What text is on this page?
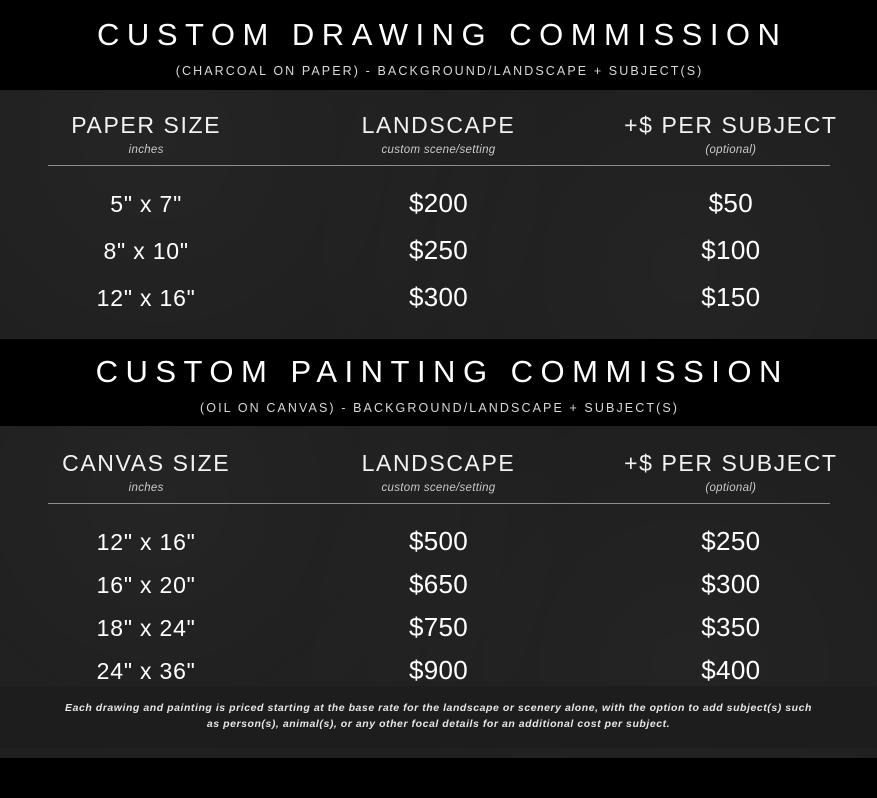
CUSTOM DRAWING COMMISSION
(CHARCOAL ON PAPER) - BACKGROUND/LANDSCAPE + SUBJECT(S)
PAPER SIZE
inches
LANDSCAPE
custom scene/setting
+$ PER SUBJECT
(optional)
5" x 7"	$200	$50
8" x 10"	$250	$100
12" x 16"	$300	$150
CUSTOM PAINTING COMMISSION
(OIL ON CANVAS) - BACKGROUND/LANDSCAPE + SUBJECT(S)
CANVAS SIZE
inches
LANDSCAPE
custom scene/setting
+$ PER SUBJECT
(optional)
12" x 16"	$500	$250
16" x 20"	$650	$300
18" x 24"	$750	$350
24" x 36"	$900	$400
Each drawing and painting is priced starting at the base rate for the landscape or scenery alone, with the option to add subject(s) such as person(s), animal(s), or any other focal details for an additional cost per subject.
